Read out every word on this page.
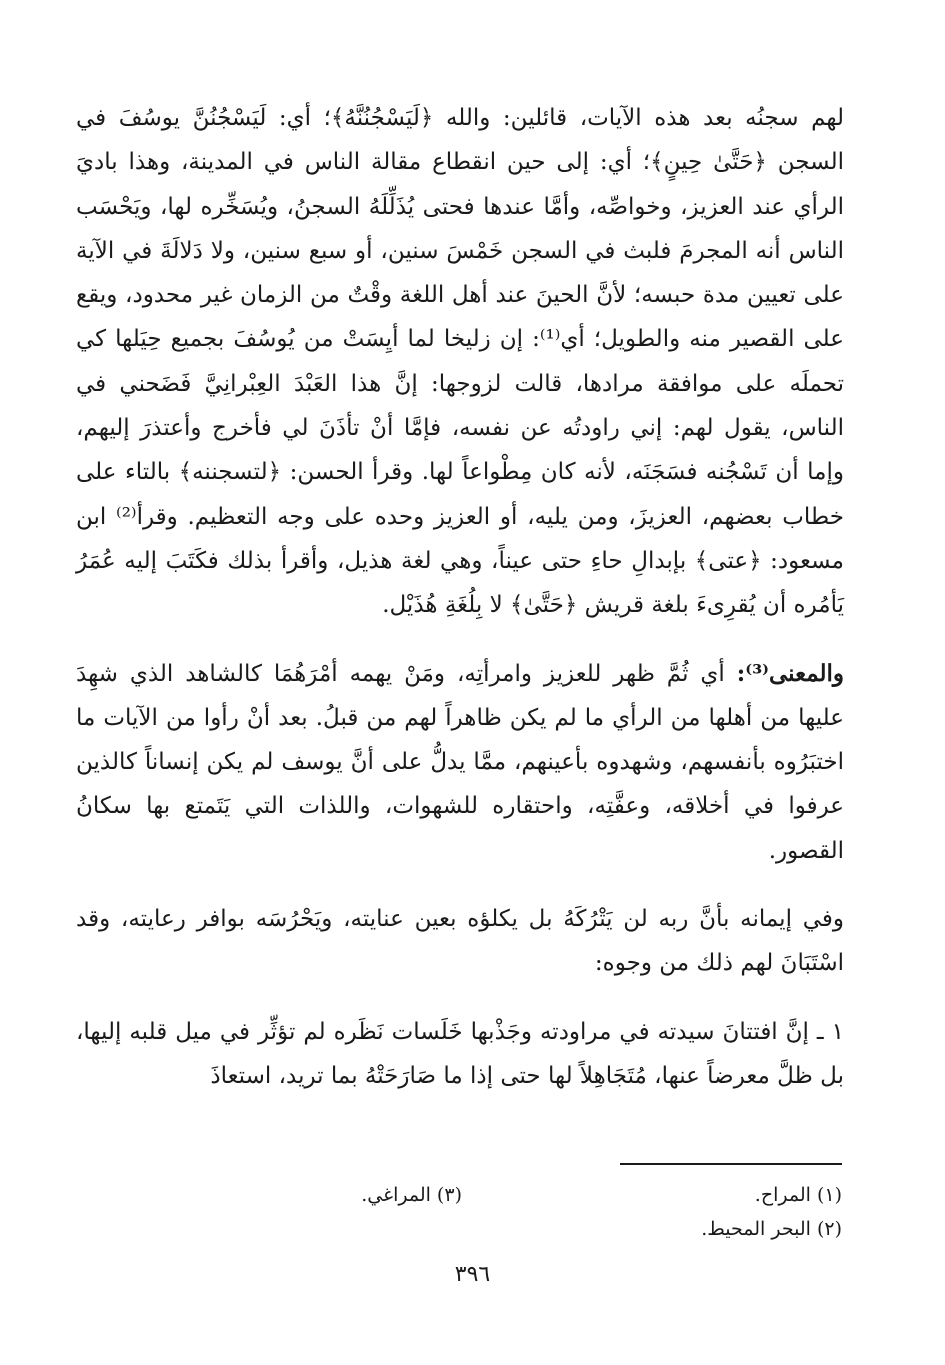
لهم سجنُه بعد هذه الآيات، قائلين: والله ﴿لَيَسْجُنُنَّهُ﴾؛ أي: لَيَسْجُنُنَّ يوسُفَ في السجن ﴿حَتَّىٰ حِينٍ﴾؛ أي: إلى حين انقطاع مقالة الناس في المدينة، وهذا باديَ الرأي عند العزيز، وخواصِّه، وأمَّا عندها فحتى يُذَلِّلَهُ السجنُ، ويُسَخِّره لها، ويَحْسَب الناس أنه المجرمَ فلبث في السجن خَمْسَ سنين، أو سبع سنين، ولا دَلالَةَ في الآية على تعيين مدة حبسه؛ لأنَّ الحينَ عند أهل اللغة وقْتٌ من الزمان غير محدود، ويقع على القصير منه والطويل؛ أي⁽¹⁾: إن زليخا لما أيِسَتْ من يُوسُفَ بجميع حِيَلها كي تحملَه على موافقة مرادها، قالت لزوجها: إنَّ هذا العَبْدَ العِبْرانِيَّ فَضَحني في الناس، يقول لهم: إني راودتُه عن نفسه، فإمَّا أنْ تأذَنَ لي فأخرج وأعتذرَ إليهم، وإما أن تَسْجُنه فسَجَنَه، لأنه كان مِطْواعاً لها. وقرأ الحسن: ﴿لتسجننه﴾ بالتاء على خطاب بعضهم، العزيزَ، ومن يليه، أو العزيز وحده على وجه التعظيم. وقرأ⁽²⁾ ابن مسعود: ﴿عتى﴾ بإبدالِ حاءِ حتى عيناً، وهي لغة هذيل، وأقرأ بذلك فكَتَبَ إليه عُمَرُ يَأمُره أن يُقرِىءَ بلغة قريش ﴿حَتَّىٰ﴾ لا بِلُغَةِ هُذَيْل.

والمعنى⁽³⁾: أي ثُمَّ ظهر للعزيز وامرأتِه، ومَنْ يهمه أمْرَهُمَا كالشاهد الذي شهِدَ عليها من أهلها من الرأي ما لم يكن ظاهراً لهم من قبلُ. بعد أنْ رأوا من الآيات ما اختبَرُوه بأنفسهم، وشهدوه بأعينهم، ممَّا يدلُّ على أنَّ يوسف لم يكن إنساناً كالذين عرفوا في أخلاقه، وعفَّتِه، واحتقاره للشهوات، واللذات التي يَتَمتع بها سكانُ القصور.

وفي إيمانه بأنَّ ربه لن يَتْرُكَهُ بل يكلؤه بعين عنايته، ويَحْرُسَه بوافر رعايته، وقد اسْتَبَانَ لهم ذلك من وجوه:

١ ـ إنَّ افتتانَ سيدته في مراودته وجَذْبها خَلَسات نَظَره لم تؤثِّر في ميل قلبه إليها، بل ظلَّ معرضاً عنها، مُتَجَاهِلاً لها حتى إذا ما صَارَحَتْهُ بما تريد، استعاذَ

(١) المراح.
(٣) المراغي.
(٢) البحر المحيط.
٣٩٦
